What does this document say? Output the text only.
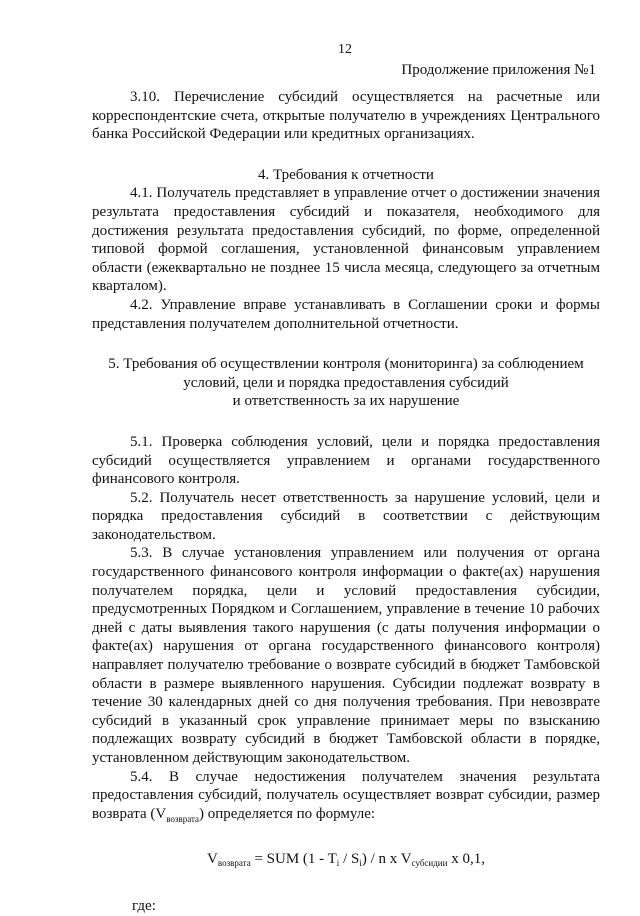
12
Продолжение приложения №1

3.10. Перечисление субсидий осуществляется на расчетные или корреспондентские счета, открытые получателю в учреждениях Центрального банка Российской Федерации или кредитных организациях.

4. Требования к отчетности

4.1. Получатель представляет в управление отчет о достижении значения результата предоставления субсидий и показателя, необходимого для достижения результата предоставления субсидий, по форме, определенной типовой формой соглашения, установленной финансовым управлением области (ежеквартально не позднее 15 числа месяца, следующего за отчетным кварталом).

4.2. Управление вправе устанавливать в Соглашении сроки и формы представления получателем дополнительной отчетности.

5. Требования об осуществлении контроля (мониторинга) за соблюдением
условий, цели и порядка предоставления субсидий
и ответственность за их нарушение

5.1. Проверка соблюдения условий, цели и порядка предоставления субсидий осуществляется управлением и органами государственного финансового контроля.

5.2. Получатель несет ответственность за нарушение условий, цели и порядка предоставления субсидий в соответствии с действующим законодательством.

5.3. В случае установления управлением или получения от органа государственного финансового контроля информации о факте(ах) нарушения получателем порядка, цели и условий предоставления субсидии, предусмотренных Порядком и Соглашением, управление в течение 10 рабочих дней с даты выявления такого нарушения (с даты получения информации о факте(ах) нарушения от органа государственного финансового контроля) направляет получателю требование о возврате субсидий в бюджет Тамбовской области в размере выявленного нарушения. Субсидии подлежат возврату в течение 30 календарных дней со дня получения требования. При невозврате субсидий в указанный срок управление принимает меры по взысканию подлежащих возврату субсидий в бюджет Тамбовской области в порядке, установленном действующим законодательством.

5.4. В случае недостижения получателем значения результата предоставления субсидий, получатель осуществляет возврат субсидии, размер возврата $(V_{возврата})$ определяется по формуле:

$V_{возврата}$ = SUM $(1 - T_i / S_i)$ / n x $V_{субсидии}$ x 0,1,

где:
